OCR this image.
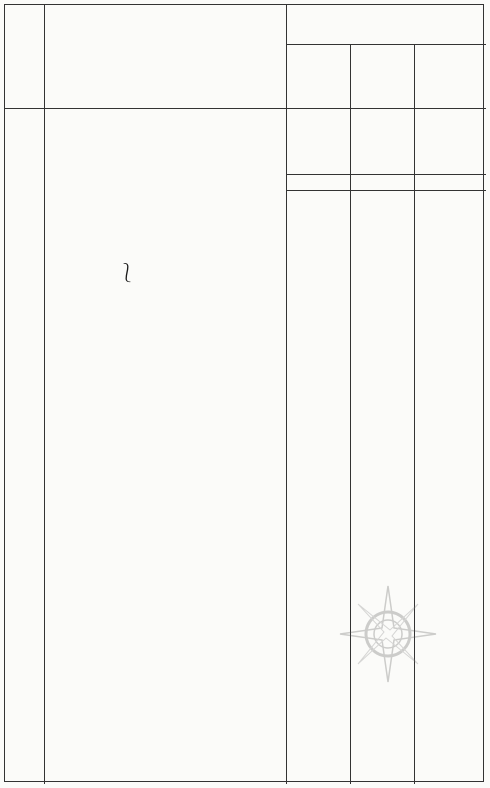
⎱
